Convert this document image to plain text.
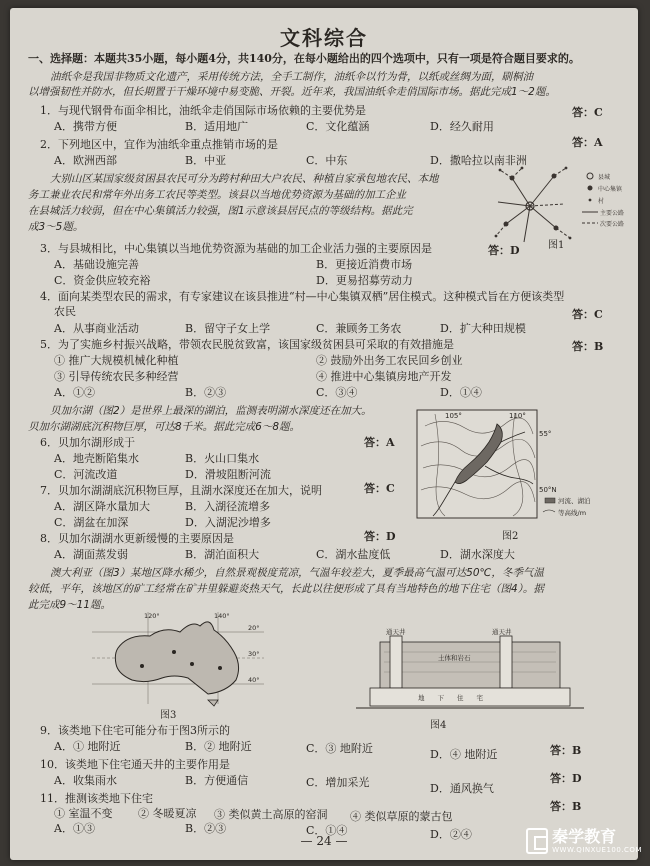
文科综合
一、选择题：本题共35小题，每小题4分，共140分，在每小题给出的四个选项中，只有一项是符合题目要求的。
油纸伞是我国非物质文化遗产，采用传统方法，全手工制作，油纸伞以竹为骨，以纸或丝绸为面，刷桐油
以增强韧性并防水，但长期置于干燥环境中易变脆、开裂。近年来，我国油纸伞走俏国际市场。据此完成1～2题。
1．与现代钢骨布面伞相比，油纸伞走俏国际市场依赖的主要优势是	答：C
A．携带方便	B．适用地广	C．文化蕴涵	D．经久耐用
2．下列地区中，宜作为油纸伞重点推销市场的是	答：A
A．欧洲西部	B．中亚	C．中东	D．撒哈拉以南非洲
大别山区某国家级贫困县农民可分为跨村种田大户农民、种植自家承包地农民、本地
务工兼业农民和常年外出务工农民等类型。该县以当地优势资源为基础的加工企业
在县城活力较弱，但在中心集镇活力较强，图1示意该县居民点的等级结构。据此完
成3～5题。
县城
中心集镇
村
主要公路
次要公路
图1
3．与县城相比，中心集镇以当地优势资源为基础的加工企业活力强的主要原因是	答：D
A．基础设施完善	B．更接近消费市场
C．资金供应较充裕	D．更易招募劳动力
4．面向某类型农民的需求，有专家建议在该县推进“村—中心集镇双栖”居住模式。这种模式旨在方便该类型
农民	答：C
A．从事商业活动	B．留守子女上学	C．兼顾务工务农	D．扩大种田规模
5．为了实施乡村振兴战略，带领农民脱贫致富，该国家级贫困县可采取的有效措施是	答：B
① 推广大规模机械化种植	② 鼓励外出务工农民回乡创业
③ 引导传统农民多种经营	④ 推进中心集镇房地产开发
A．①②	B．②③	C．③④	D．①④
贝加尔湖（图2）是世界上最深的湖泊，监测表明湖水深度还在加大。
贝加尔湖湖底沉积物巨厚，可达8千米。据此完成6～8题。
105°	110°
55°
50°N
河流、湖泊
等高线/m
图2
6．贝加尔湖形成于	答：A
A．地壳断陷集水	B．火山口集水
C．河流改道	D．滑坡阻断河流
7．贝加尔湖湖底沉积物巨厚，且湖水深度还在加大，说明	答：C
A．湖区降水量加大	B．入湖径流增多
C．湖盆在加深	D．入湖泥沙增多
8．贝加尔湖湖水更新缓慢的主要原因是	答：D
A．湖面蒸发弱	B．湖泊面积大	C．湖水盐度低	D．湖水深度大
澳大利亚（图3）某地区降水稀少，自然景观极度荒凉，气温年较差大，夏季最高气温可达50℃，冬季气温
较低，平年，该地区的矿工经常在矿井里躲避炎热天气，长此以往便形成了具有当地特色的地下住宅（图4）。据
此完成9～11题。
120°	140°
20°
30°
40°
图3
通天井	通天井
土体和岩石
地　　下　　住　　宅
图4
9．该类地下住宅可能分布于图3所示的
A．① 地附近	B．② 地附近	C．③ 地附近	D．④ 地附近	答：B
10．该类地下住宅通天井的主要作用是
A．收集雨水	B．方便通信	C．增加采光	D．通风换气
答：D
11．推测该类地下住宅
① 室温不变 ② 冬暖夏凉 ③ 类似黄土高原的窑洞 ④ 类似草原的蒙古包
A．①③	B．②③	C．①④	D．②④
答：B
— 24 —	秦学教育
WWW.QINXUE100.COM
